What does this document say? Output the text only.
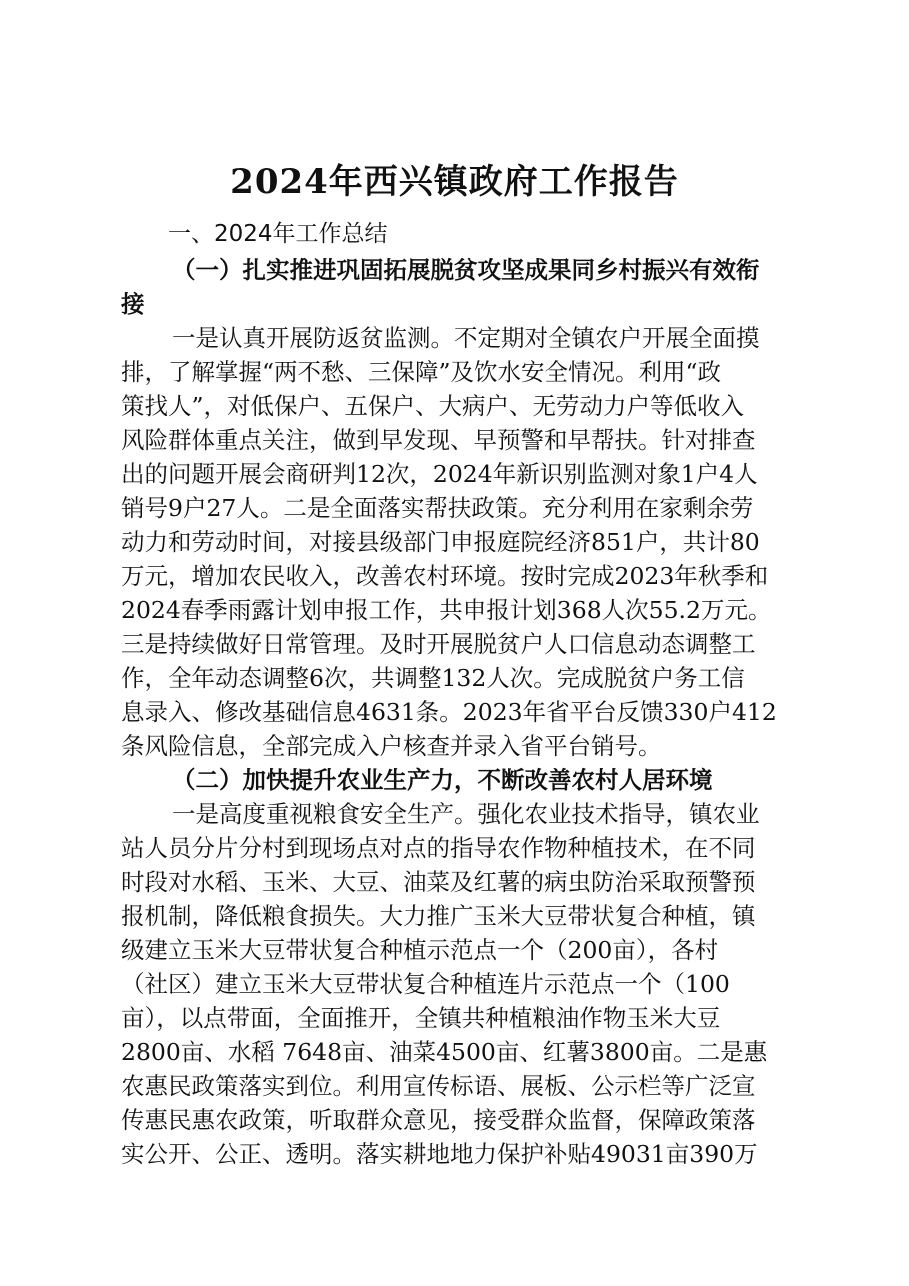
2024年西兴镇政府工作报告
一、2024年工作总结
（一）扎实推进巩固拓展脱贫攻坚成果同乡村振兴有效衔
接
一是认真开展防返贫监测。不定期对全镇农户开展全面摸
排，了解掌握“两不愁、三保障”及饮水安全情况。利用“政
策找人”，对低保户、五保户、大病户、无劳动力户等低收入
风险群体重点关注，做到早发现、早预警和早帮扶。针对排查
出的问题开展会商研判12次，2024年新识别监测对象1户4人
销号9户27人。二是全面落实帮扶政策。充分利用在家剩余劳
动力和劳动时间，对接县级部门申报庭院经济851户，共计80
万元，增加农民收入，改善农村环境。按时完成2023年秋季和
2024春季雨露计划申报工作，共申报计划368人次55.2万元。
三是持续做好日常管理。及时开展脱贫户人口信息动态调整工
作，全年动态调整6次，共调整132人次。完成脱贫户务工信
息录入、修改基础信息4631条。2023年省平台反馈330户412
条风险信息，全部完成入户核查并录入省平台销号。
（二）加快提升农业生产力，不断改善农村人居环境
一是高度重视粮食安全生产。强化农业技术指导，镇农业
站人员分片分村到现场点对点的指导农作物种植技术，在不同
时段对水稻、玉米、大豆、油菜及红薯的病虫防治采取预警预
报机制，降低粮食损失。大力推广玉米大豆带状复合种植，镇
级建立玉米大豆带状复合种植示范点一个（200亩），各村
（社区）建立玉米大豆带状复合种植连片示范点一个（100
亩），以点带面，全面推开，全镇共种植粮油作物玉米大豆
2800亩、水稻 7648亩、油菜4500亩、红薯3800亩。二是惠
农惠民政策落实到位。利用宣传标语、展板、公示栏等广泛宣
传惠民惠农政策，听取群众意见，接受群众监督，保障政策落
实公开、公正、透明。落实耕地地力保护补贴49031亩390万
